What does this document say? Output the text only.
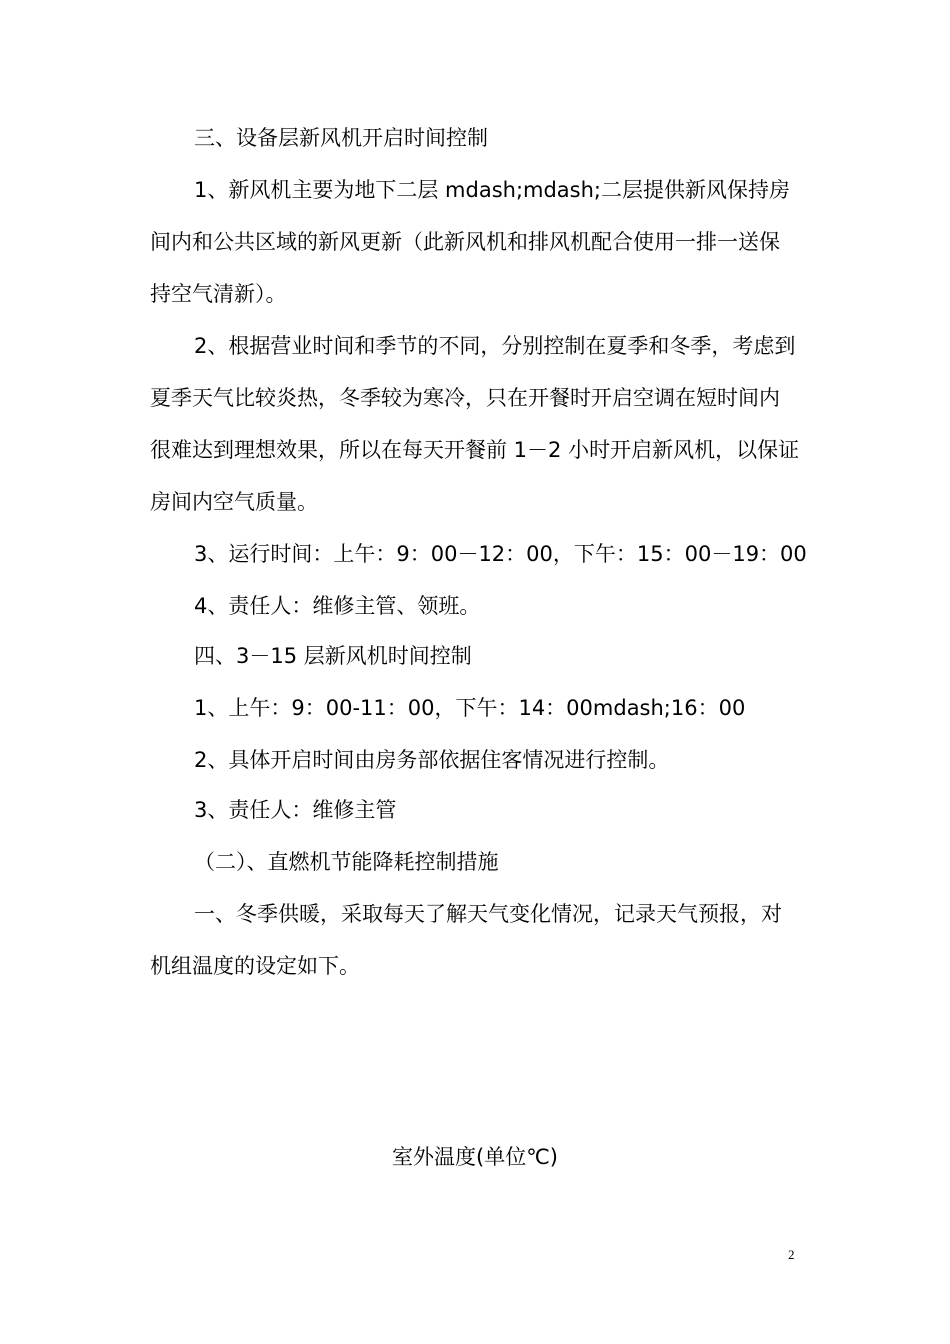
三、设备层新风机开启时间控制

1、新风机主要为地下二层 mdash;mdash;二层提供新风保持房间内和公共区域的新风更新（此新风机和排风机配合使用一排一送保持空气清新）。

2、根据营业时间和季节的不同，分别控制在夏季和冬季，考虑到夏季天气比较炎热，冬季较为寒冷，只在开餐时开启空调在短时间内很难达到理想效果，所以在每天开餐前 1－2 小时开启新风机，以保证房间内空气质量。

3、运行时间：上午：9：00－12：00，下午：15：00－19：00

4、责任人：维修主管、领班。

四、3－15 层新风机时间控制

1、上午：9：00-11：00，下午：14：00mdash;16：00

2、具体开启时间由房务部依据住客情况进行控制。

3、责任人：维修主管

（二）、直燃机节能降耗控制措施

一、冬季供暖，采取每天了解天气变化情况，记录天气预报，对机组温度的设定如下。

室外温度(单位℃)

2
